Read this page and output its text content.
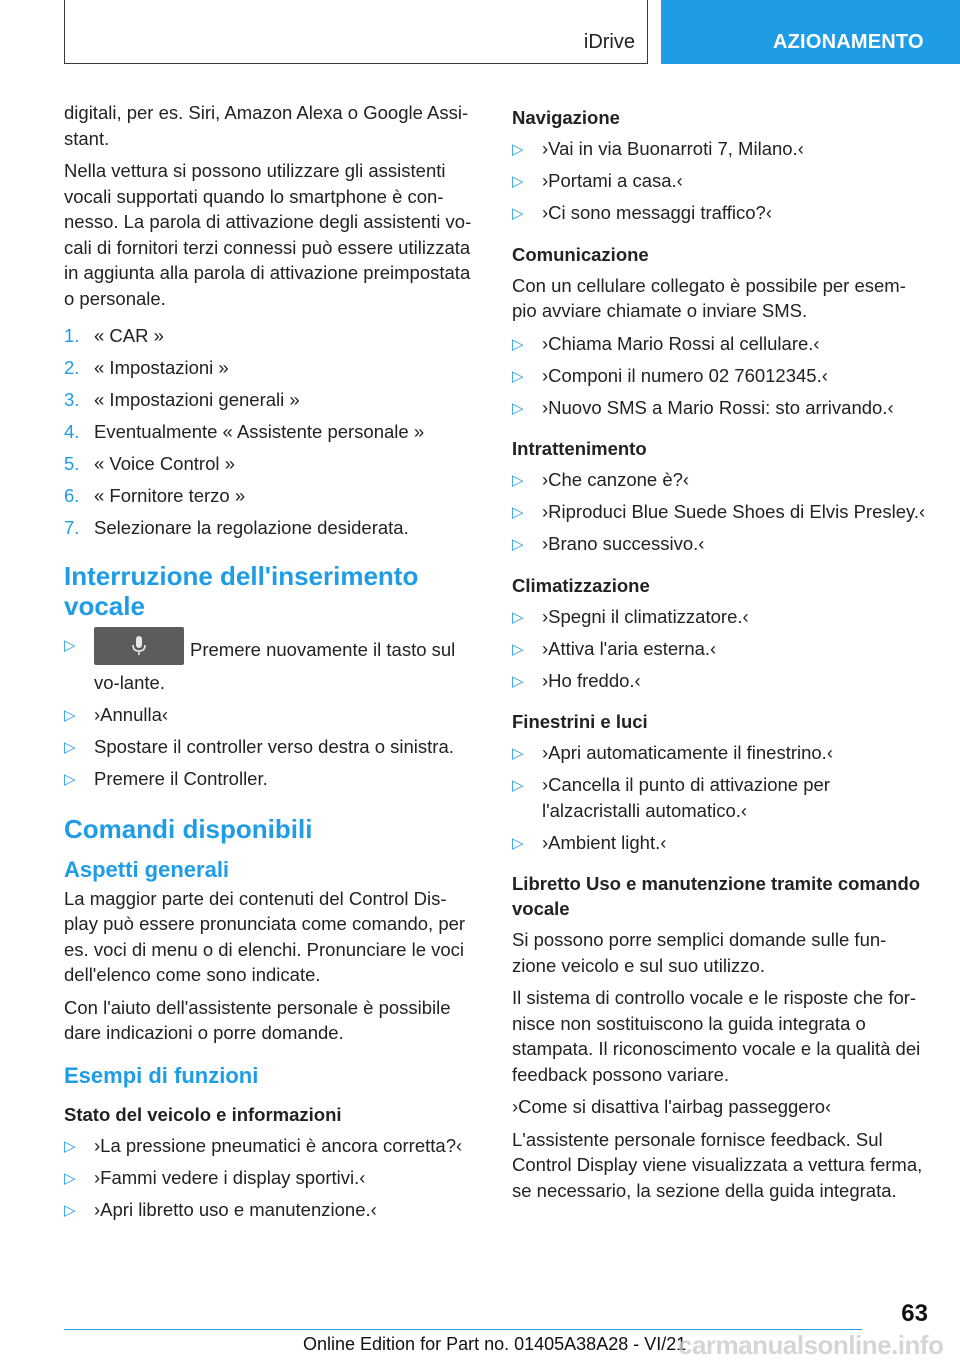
iDrive	AZIONAMENTO

digitali, per es. Siri, Amazon Alexa o Google Assi-stant.

Nella vettura si possono utilizzare gli assistenti vocali supportati quando lo smartphone è con-nesso. La parola di attivazione degli assistenti vo-cali di fornitori terzi connessi può essere utilizzata in aggiunta alla parola di attivazione preimpostata o personale.

1. « CAR »
2. « Impostazioni »
3. « Impostazioni generali »
4. Eventualmente « Assistente personale »
5. « Voice Control »
6. « Fornitore terzo »
7. Selezionare la regolazione desiderata.
Interruzione dell'inserimento vocale
▷	Premere nuovamente il tasto sul vo-lante.
▷ ›Annulla‹
▷ Spostare il controller verso destra o sinistra.
▷ Premere il Controller.
Comandi disponibili
Aspetti generali

La maggior parte dei contenuti del Control Dis-play può essere pronunciata come comando, per es. voci di menu o di elenchi. Pronunciare le voci dell'elenco come sono indicate.

Con l'aiuto dell'assistente personale è possibile dare indicazioni o porre domande.

Esempi di funzioni
Stato del veicolo e informazioni
▷ ›La pressione pneumatici è ancora corretta?‹
▷ ›Fammi vedere i display sportivi.‹
▷ ›Apri libretto uso e manutenzione.‹
Navigazione
▷ ›Vai in via Buonarroti 7, Milano.‹
▷ ›Portami a casa.‹
▷ ›Ci sono messaggi traffico?‹
Comunicazione

Con un cellulare collegato è possibile per esem-pio avviare chiamate o inviare SMS.

▷ ›Chiama Mario Rossi al cellulare.‹
▷ ›Componi il numero 02 76012345.‹
▷ ›Nuovo SMS a Mario Rossi: sto arrivando.‹
Intrattenimento
▷ ›Che canzone è?‹
▷ ›Riproduci Blue Suede Shoes di Elvis Presley.‹
▷ ›Brano successivo.‹
Climatizzazione
▷ ›Spegni il climatizzatore.‹
▷ ›Attiva l'aria esterna.‹
▷ ›Ho freddo.‹
Finestrini e luci
▷ ›Apri automaticamente il finestrino.‹
▷ ›Cancella il punto di attivazione per l'alzacristalli automatico.‹
▷ ›Ambient light.‹
Libretto Uso e manutenzione tramite comando vocale

Si possono porre semplici domande sulle fun-zione veicolo e sul suo utilizzo.

Il sistema di controllo vocale e le risposte che for-nisce non sostituiscono la guida integrata o stampata. Il riconoscimento vocale e la qualità dei feedback possono variare.

›Come si disattiva l'airbag passeggero‹

L'assistente personale fornisce feedback. Sul Control Display viene visualizzata a vettura ferma, se necessario, la sezione della guida integrata.

63
Online Edition for Part no. 01405A38A28 - VI/21
carmanualsonline.info
